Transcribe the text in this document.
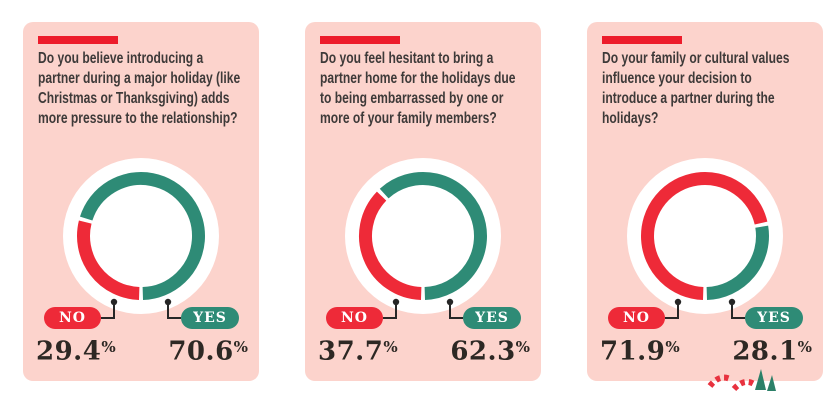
Do you believe introducing a partner during a major holiday (like Christmas or Thanksgiving) adds more pressure to the relationship?
NO	YES
29.4% 70.6%
Do you feel hesitant to bring a partner home for the holidays due to being embarrassed by one or more of your family members?
NO	YES
37.7% 62.3%
Do your family or cultural values influence your decision to introduce a partner during the holidays?
NO	YES
71.9% 28.1%
